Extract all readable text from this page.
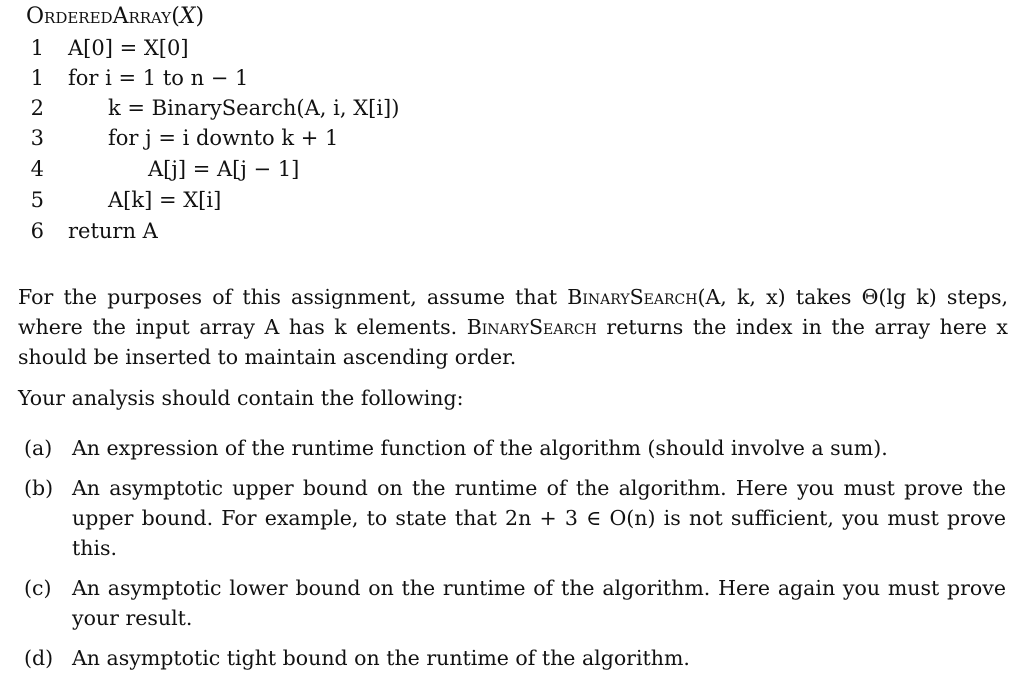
OrderedArray(X)
1 A[0] = X[0]
1 for i = 1 to n − 1
2	k = BinarySearch(A, i, X[i])
3	for j = i downto k + 1
4	A[j] = A[j − 1]
5	A[k] = X[i]
6 return A
For the purposes of this assignment, assume that BinarySearch(A, k, x) takes Θ(lg k) steps, where the input array A has k elements. BinarySearch returns the index in the array here x should be inserted to maintain ascending order.
Your analysis should contain the following:
(a) An expression of the runtime function of the algorithm (should involve a sum).
(b) An asymptotic upper bound on the runtime of the algorithm. Here you must prove the upper bound. For example, to state that 2n + 3 ∈ O(n) is not sufficient, you must prove this.
(c) An asymptotic lower bound on the runtime of the algorithm. Here again you must prove your result.
(d) An asymptotic tight bound on the runtime of the algorithm.
